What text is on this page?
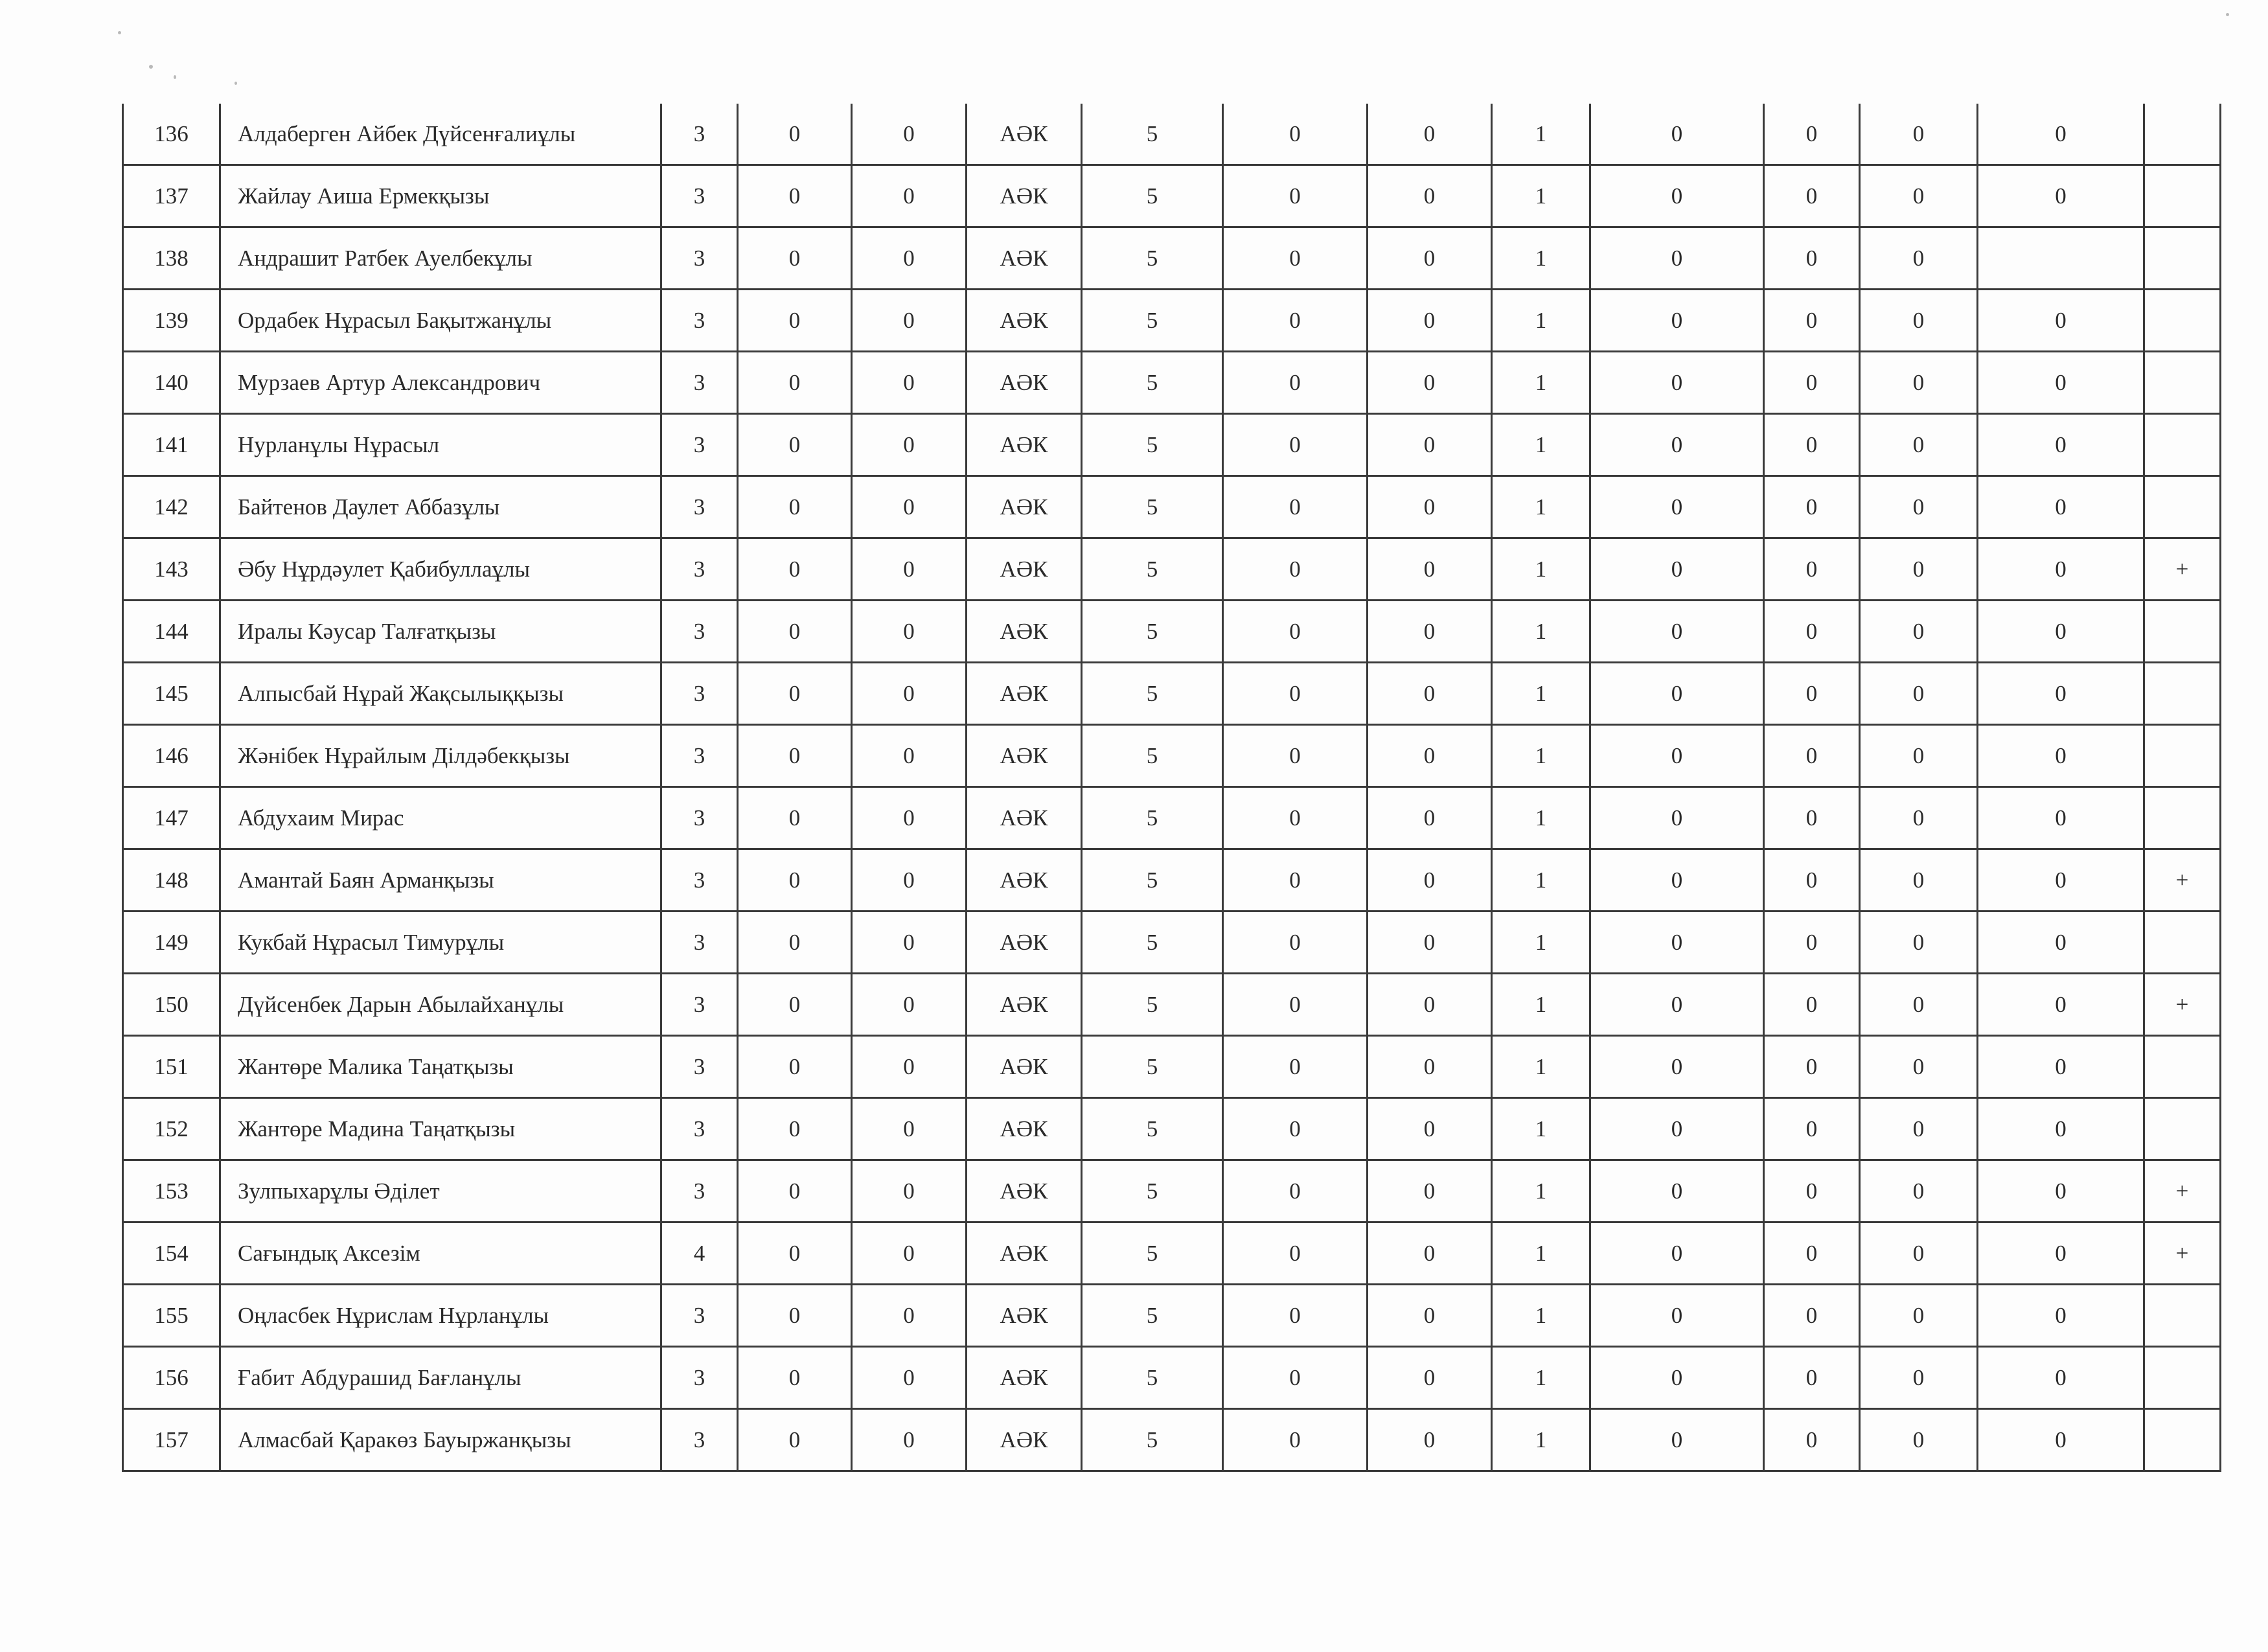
136	Алдаберген Айбек Дүйсенғалиұлы	3	0	0	АӘК	5	0	0	1	0	0	0	0	
137	Жайлау Аиша Ермекқызы	3	0	0	АӘК	5	0	0	1	0	0	0	0	
138	Андрашит Ратбек Ауелбекұлы	3	0	0	АӘК	5	0	0	1	0	0	0		
139	Ордабек Нұрасыл Бақытжанұлы	3	0	0	АӘК	5	0	0	1	0	0	0	0	
140	Мурзаев Артур Александрович	3	0	0	АӘК	5	0	0	1	0	0	0	0	
141	Нурланұлы Нұрасыл	3	0	0	АӘК	5	0	0	1	0	0	0	0	
142	Байтенов Даулет Аббазұлы	3	0	0	АӘК	5	0	0	1	0	0	0	0	
143	Әбу Нұрдәулет Қабибуллаұлы	3	0	0	АӘК	5	0	0	1	0	0	0	0	+
144	Иралы Кәусар Талғатқызы	3	0	0	АӘК	5	0	0	1	0	0	0	0	
145	Алпысбай Нұрай Жақсылыққызы	3	0	0	АӘК	5	0	0	1	0	0	0	0	
146	Жәнібек Нұрайлым Ділдәбекқызы	3	0	0	АӘК	5	0	0	1	0	0	0	0	
147	Абдухаим Мирас	3	0	0	АӘК	5	0	0	1	0	0	0	0	
148	Амантай Баян Арманқызы	3	0	0	АӘК	5	0	0	1	0	0	0	0	+
149	Кукбай Нұрасыл Тимурұлы	3	0	0	АӘК	5	0	0	1	0	0	0	0	
150	Дүйсенбек Дарын Абылайханұлы	3	0	0	АӘК	5	0	0	1	0	0	0	0	+
151	Жантөре Малика Таңатқызы	3	0	0	АӘК	5	0	0	1	0	0	0	0	
152	Жантөре Мадина Таңатқызы	3	0	0	АӘК	5	0	0	1	0	0	0	0	
153	Зулпыхарұлы Әділет	3	0	0	АӘК	5	0	0	1	0	0	0	0	+
154	Сағындық Аксезім	4	0	0	АӘК	5	0	0	1	0	0	0	0	+
155	Оңласбек Нұрислам Нұрланұлы	3	0	0	АӘК	5	0	0	1	0	0	0	0	
156	Ғабит Абдурашид Бағланұлы	3	0	0	АӘК	5	0	0	1	0	0	0	0	
157	Алмасбай Қаракөз Бауыржанқызы	3	0	0	АӘК	5	0	0	1	0	0	0	0	
